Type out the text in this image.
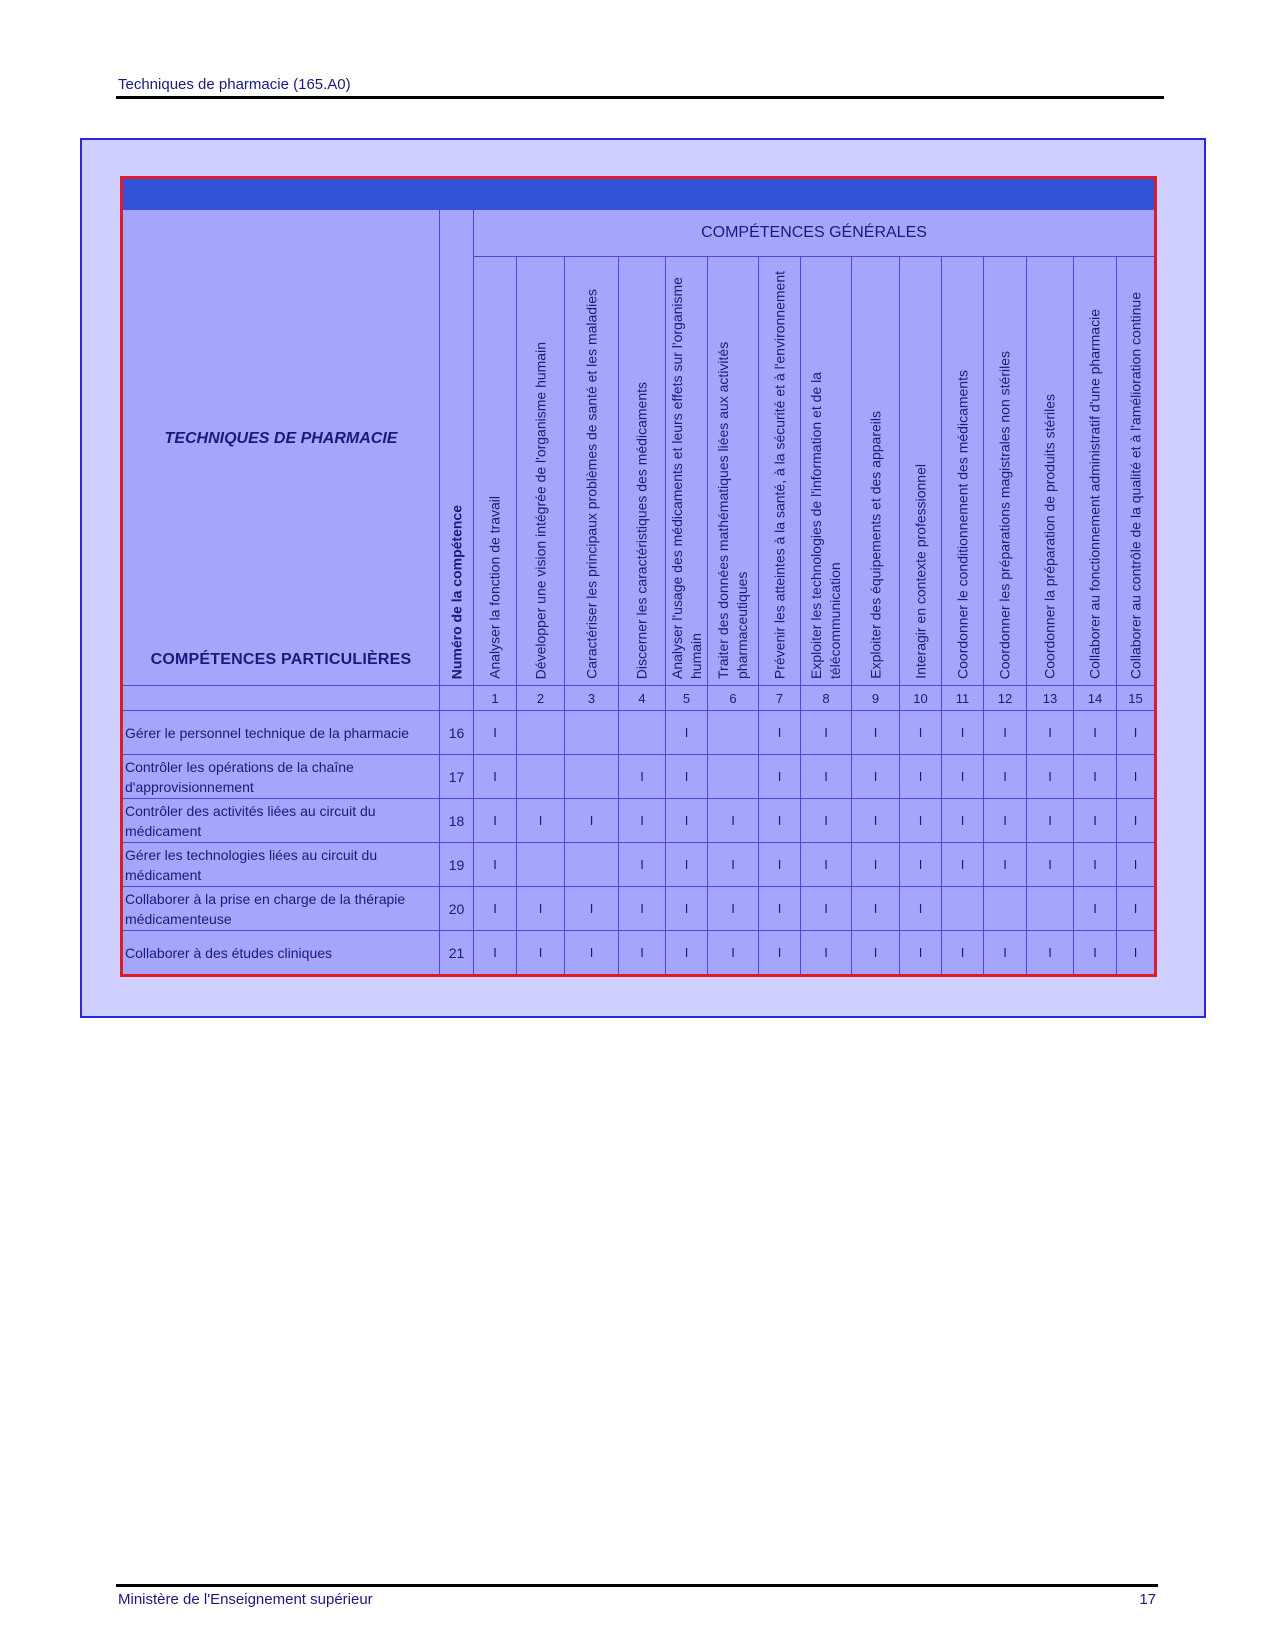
Techniques de pharmacie (165.A0)

TECHNIQUES DE PHARMACIE
COMPÉTENCES PARTICULIÈRES	Numéro de la compétence	COMPÉTENCES GÉNÉRALES														

		Analyser la fonction de travail	Développer une vision intégrée de l'organisme humain	Caractériser les principaux problèmes de santé et les maladies	Discerner les caractéristiques des médicaments	Analyser l'usage des médicaments et leurs effets sur l'organisme humain	Traiter des données mathématiques liées aux activités pharmaceutiques	Prévenir les atteintes à la santé, à la sécurité et à l'environnement	Exploiter les technologies de l'information et de la télécommunication	Exploiter des équipements et des appareils	Interagir en contexte professionnel	Coordonner le conditionnement des médicaments	Coordonner les préparations magistrales non stériles	Coordonner la préparation de produits stériles	Collaborer au fonctionnement administratif d'une pharmacie	Collaborer au contrôle de la qualité et à l'amélioration continue

		1	2	3	4	5	6	7	8	9	10	11	12	13	14	15
Gérer le personnel technique de la pharmacie	16	I				I		I	I	I	I	I	I	I	I	I
Contrôler les opérations de la chaîne d'approvisionnement	17	I			I	I		I	I	I	I	I	I	I	I	I
Contrôler des activités liées au circuit du médicament	18	I	I	I	I	I	I	I	I	I	I	I	I	I	I	I
Gérer les technologies liées au circuit du médicament	19	I			I	I	I	I	I	I	I	I	I	I	I	I
Collaborer à la prise en charge de la thérapie médicamenteuse	20	I	I	I	I	I	I	I	I	I	I				I	I
Collaborer à des études cliniques	21	I	I	I	I	I	I	I	I	I	I	I	I	I	I	I
Ministère de l'Enseignement supérieur	17
